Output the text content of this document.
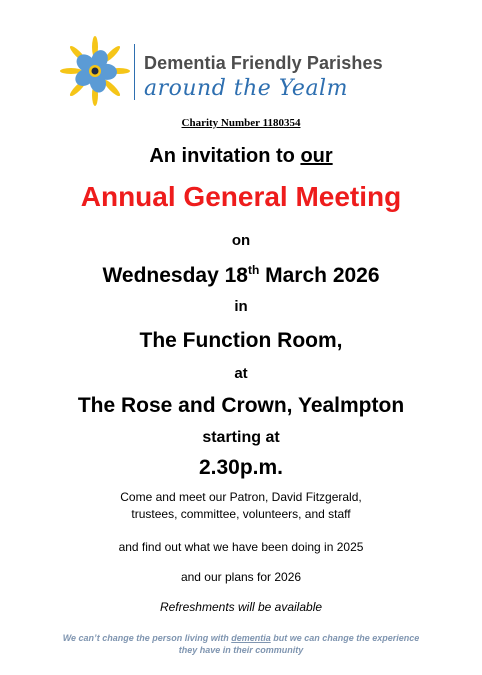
Dementia Friendly Parishes
around the Yealm
Charity Number 1180354
An invitation to our
Annual General Meeting
on
Wednesday 18th March 2026
in
The Function Room,
at
The Rose and Crown, Yealmpton
starting at
2.30p.m.
Come and meet our Patron, David Fitzgerald,
trustees, committee, volunteers, and staff
and find out what we have been doing in 2025
and our plans for 2026
Refreshments will be available
We can’t change the person living with dementia but we can change the experience
they have in their community
